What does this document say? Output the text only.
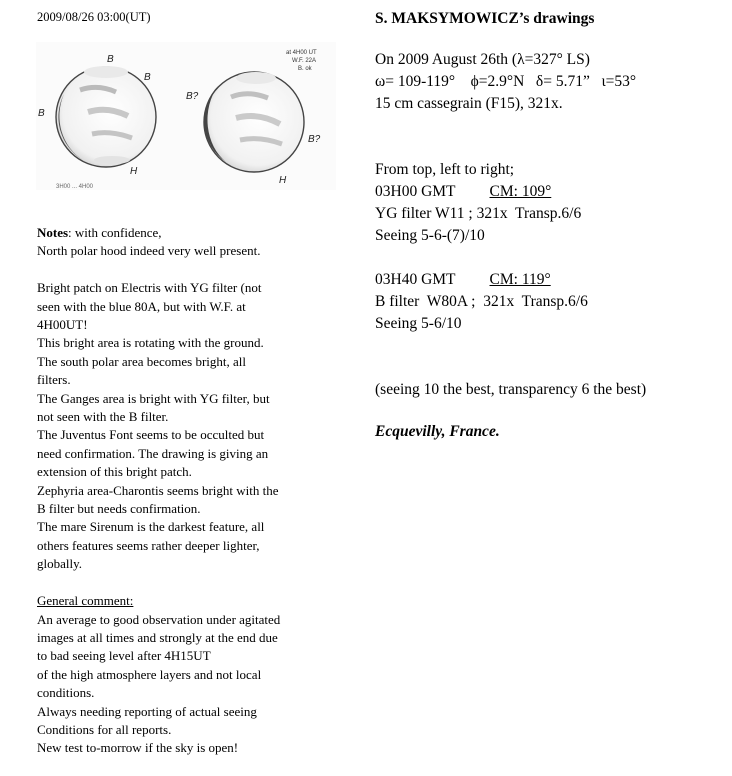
2009/08/26 03:00(UT)
B
B
B
H
B?
B?
H
at 4H00 UT
W.F. 22A
B. ok
3H00 ... 4H00

Notes: with confidence,

North polar hood indeed very well present.

Bright patch on Electris with YG filter (not

seen with the blue 80A, but with W.F. at

4H00UT!

This bright area is rotating with the ground.

The south polar area becomes bright, all

filters.

The Ganges area is bright with YG filter, but

not seen with the B filter.

The Juventus Font seems to be occulted but

need confirmation. The drawing is giving an

extension of this bright patch.

Zephyria area-Charontis seems bright with the

B filter but needs confirmation.

The mare Sirenum is the darkest feature, all

others features seems rather deeper lighter,

globally.

General comment:

An average to good observation under agitated

images at all times and strongly at the end due

to bad seeing level after 4H15UT

of the high atmosphere layers and not local

conditions.

Always needing reporting of actual seeing

Conditions for all reports.

New test to-morrow if the sky is open!

S. MAKSYMOWICZ’s drawings

On 2009 August 26th (λ=327° LS)

ω= 109-119°    ϕ=2.9°N   δ= 5.71”   ι=53°

15 cm cassegrain (F15), 321x.

From top, left to right;

03H00 GMT CM: 109°

YG filter W11 ; 321x  Transp.6/6

Seeing 5-6-(7)/10

03H40 GMT CM: 119°

B filter  W80A ;  321x  Transp.6/6

Seeing 5-6/10

(seeing 10 the best, transparency 6 the best)

Ecquevilly, France.
